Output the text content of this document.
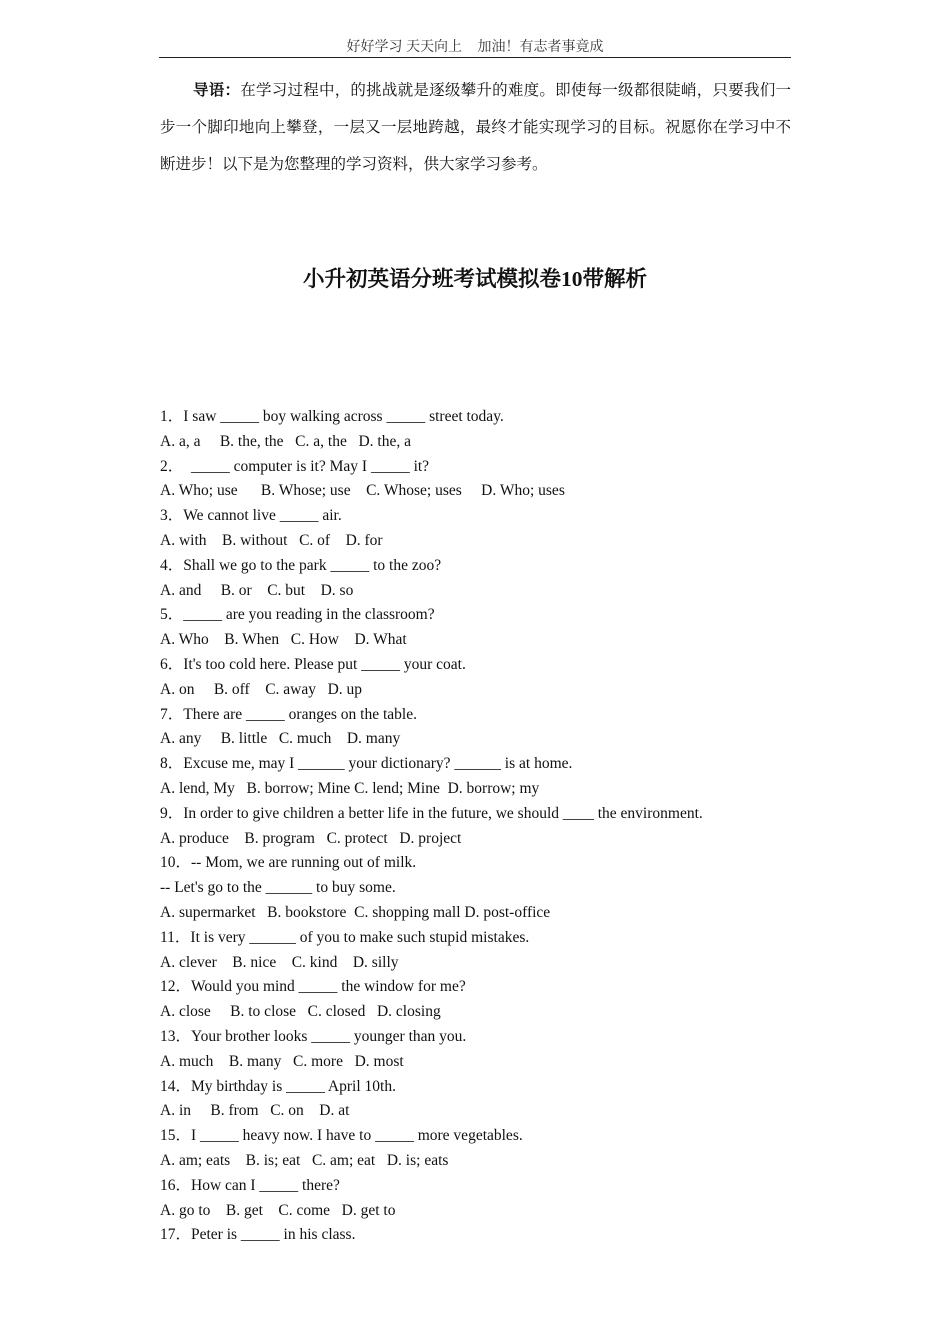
好好学习 天天向上 加油！有志者事竟成
导语：在学习过程中，的挑战就是逐级攀升的难度。即使每一级都很陡峭，只要我们一步一个脚印地向上攀登，一层又一层地跨越，最终才能实现学习的目标。祝愿你在学习中不断进步！以下是为您整理的学习资料，供大家学习参考。
小升初英语分班考试模拟卷10带解析
1．I saw _____ boy walking across _____ street today.
A. a, a     B. the, the   C. a, the   D. the, a
2．  _____ computer is it? May I _____ it?
A. Who; use      B. Whose; use    C. Whose; uses     D. Who; uses
3．We cannot live _____ air.
A. with    B. without   C. of    D. for
4．Shall we go to the park _____ to the zoo?
A. and     B. or    C. but    D. so
5．_____ are you reading in the classroom?
A. Who    B. When   C. How    D. What
6．It's too cold here. Please put _____ your coat.
A. on     B. off    C. away   D. up
7．There are _____ oranges on the table.
A. any     B. little   C. much    D. many
8．Excuse me, may I ______ your dictionary? ______ is at home.
A. lend, My   B. borrow; Mine C. lend; Mine  D. borrow; my
9．In order to give children a better life in the future, we should ____ the environment.
A. produce    B. program   C. protect   D. project
10．-- Mom, we are running out of milk.
-- Let's go to the ______ to buy some.
A. supermarket   B. bookstore  C. shopping mall D. post-office
11．It is very ______ of you to make such stupid mistakes.
A. clever    B. nice    C. kind    D. silly
12．Would you mind _____ the window for me?
A. close     B. to close   C. closed   D. closing
13．Your brother looks _____ younger than you.
A. much    B. many   C. more   D. most
14．My birthday is _____ April 10th.
A. in     B. from   C. on    D. at
15．I _____ heavy now. I have to _____ more vegetables.
A. am; eats    B. is; eat   C. am; eat   D. is; eats
16．How can I _____ there?
A. go to    B. get    C. come   D. get to
17．Peter is _____ in his class.
